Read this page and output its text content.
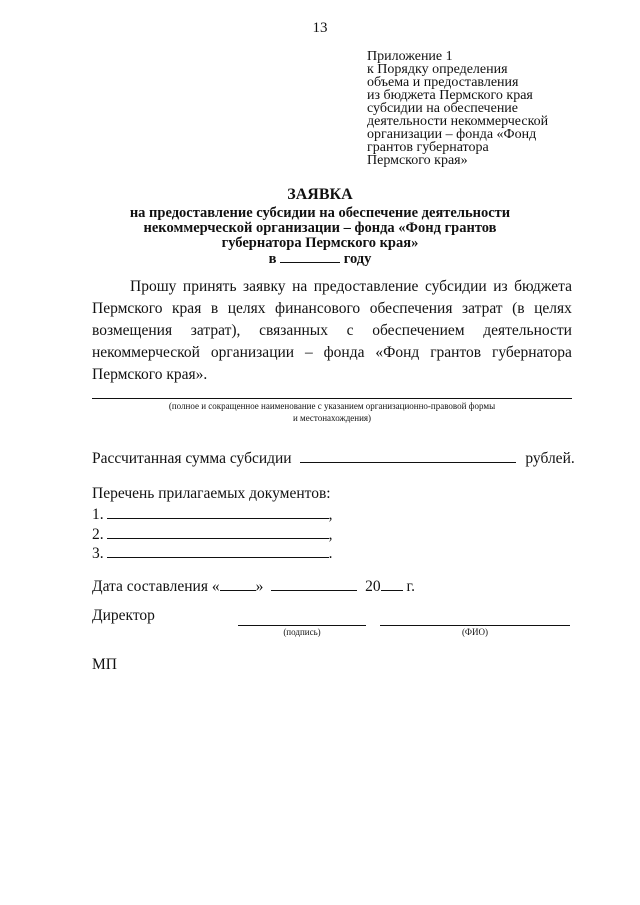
13
Приложение 1
к Порядку определения
объема и предоставления
из бюджета Пермского края
субсидии на обеспечение
деятельности некоммерческой
организации – фонда «Фонд
грантов губернатора
Пермского края»
ЗАЯВКА
на предоставление субсидии на обеспечение деятельности
некоммерческой организации – фонда «Фонд грантов
губернатора Пермского края»
в	году
Прошу принять заявку на предоставление субсидии из бюджета
Пермского края в целях финансового обеспечения затрат (в целях
возмещения затрат), связанных с обеспечением деятельности
некоммерческой организации – фонда «Фонд грантов губернатора
Пермского края».
(полное и сокращенное наименование с указанием организационно-правовой формы
и местонахождения)
Рассчитанная сумма субсидии	рублей.
Перечень прилагаемых документов:
1.	,
2.	,
3.	.
Дата составления « »	20 г.
Директор
(подпись)	(ФИО)
МП
